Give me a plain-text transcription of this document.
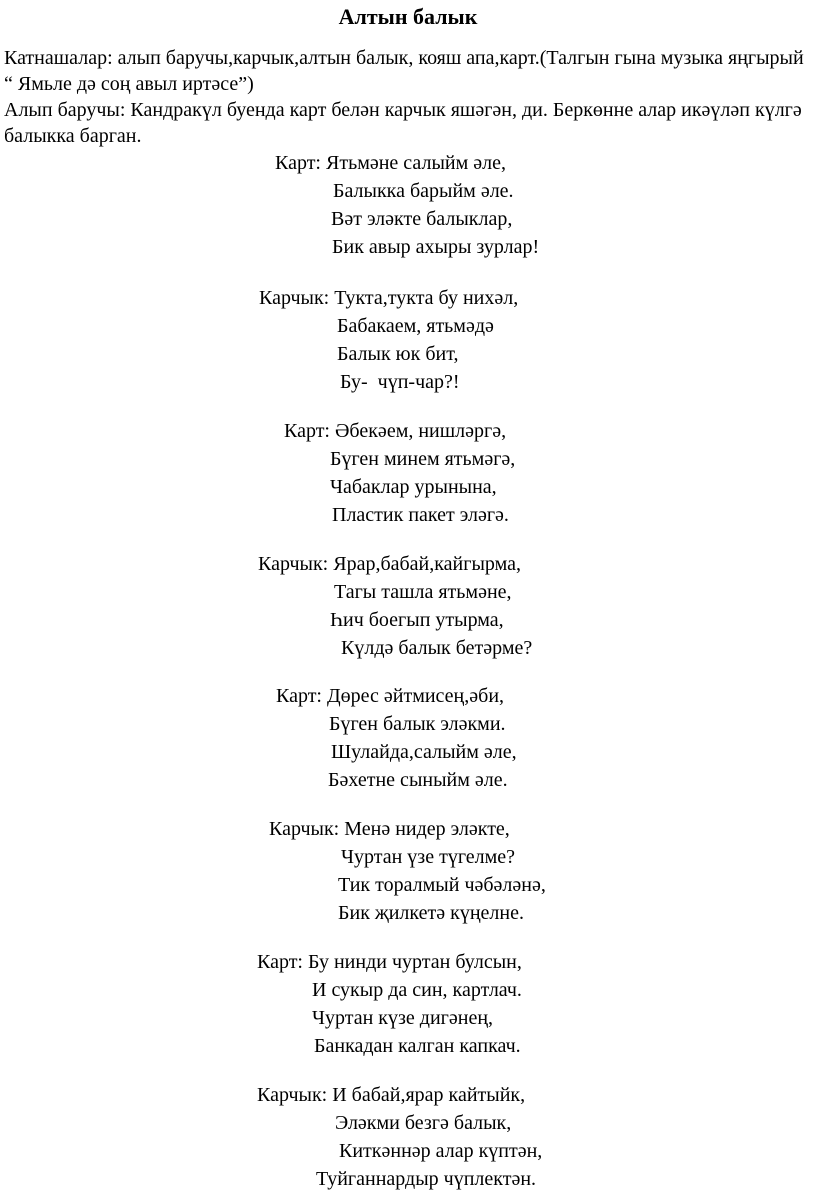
Алтын балык

Катнашалар: алып баручы,карчык,алтын балык, кояш апа,карт.(Талгын гына музыка яңгырый “ Ямьле дә соң авыл иртәсе”)

Алып баручы: Кандракүл буенда карт белән карчык яшәгән, ди. Беркөнне алар икәүләп күлгә балыкка барган.

Карт: Ятьмәне салыйм әле,
Балыкка барыйм әле.
Вәт эләкте балыклар,
Бик авыр ахыры зурлар!
Карчык: Тукта,тукта бу нихәл,
Бабакаем, ятьмәдә
Балык юк бит,
Бу-  чүп-чар?!
Карт: Әбекәем, нишләргә,
Бүген минем ятьмәгә,
Чабаклар урынына,
Пластик пакет эләгә.
Карчык: Ярар,бабай,кайгырма,
Тагы ташла ятьмәне,
Һич боегып утырма,
Күлдә балык бетәрме?
Карт: Дөрес әйтмисең,әби,
Бүген балык эләкми.
Шулайда,салыйм әле,
Бәхетне сыныйм әле.
Карчык: Менә нидер эләкте,
Чуртан үзе түгелме?
Тик торалмый чәбәләнә,
Бик җилкетә күңелне.
Карт: Бу нинди чуртан булсын,
И сукыр да син, картлач.
Чуртан күзе дигәнең,
Банкадан калган капкач.
Карчык: И бабай,ярар кайтыйк,
Эләкми безгә балык,
Киткәннәр алар күптән,
Туйганнардыр чүплектән.
